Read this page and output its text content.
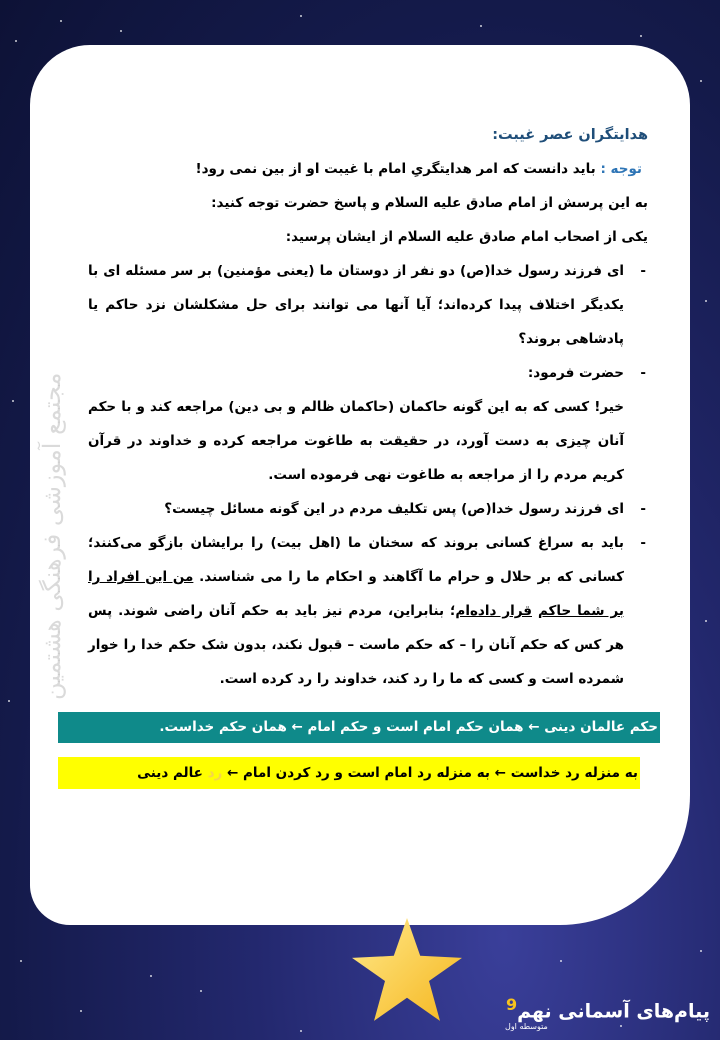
مجتمع آموزشی فرهنگی هشتمین

هدایتگران عصر غیبت:

توجه : باید دانست که امر هدایتگریِ امام با غیبت او از بین نمی رود!

به این پرسش از امام صادق علیه السلام و پاسخ حضرت توجه کنید:

یکی از اصحاب امام صادق علیه السلام از ایشان پرسید:

-
ای فرزند رسول خدا(ص) دو نفر از دوستان ما (یعنی مؤمنین) بر سر مسئله ای با یکدیگر اختلاف پیدا کرده‌اند؛ آیا آنها می توانند برای حل مشکلشان نزد حاکم یا پادشاهی بروند؟

-
حضرت فرمود:

خیر! کسی که به این گونه حاکمان (حاکمان ظالم و بی دین) مراجعه کند و با حکم آنان چیزی به دست آورد، در حقیقت به طاغوت مراجعه کرده و خداوند در قرآن کریم مردم را از مراجعه به طاغوت نهی فرموده است.

-
ای فرزند رسول خدا(ص) پس تکلیف مردم در این گونه مسائل چیست؟

-
باید به سراغ کسانی بروند که سخنان ما (اهل بیت) را برایشان بازگو می‌کنند؛ کسانی که بر حلال و حرام ما آگاهند و احکام ما را می شناسند. من این افراد را بر شما حاکم قرار داده‌ام؛ بنابراین، مردم نیز باید به حکم آنان راضی شوند. پس هر کس که حکم آنان را – که حکم ماست – قبول نکند، بدون شک حکم خدا را خوار شمرده است و کسی که ما را رد کند، خداوند را رد کرده است.

حکم عالمان دینی ← همان حکم امام است و حکم امام ← همان حکم خداست.
به منزله رد خداست ← به منزله رد امام است و رد کردن امام ← رد عالم دینی
پیام‌های آسمانی نهم$^9$
متوسطه اول
